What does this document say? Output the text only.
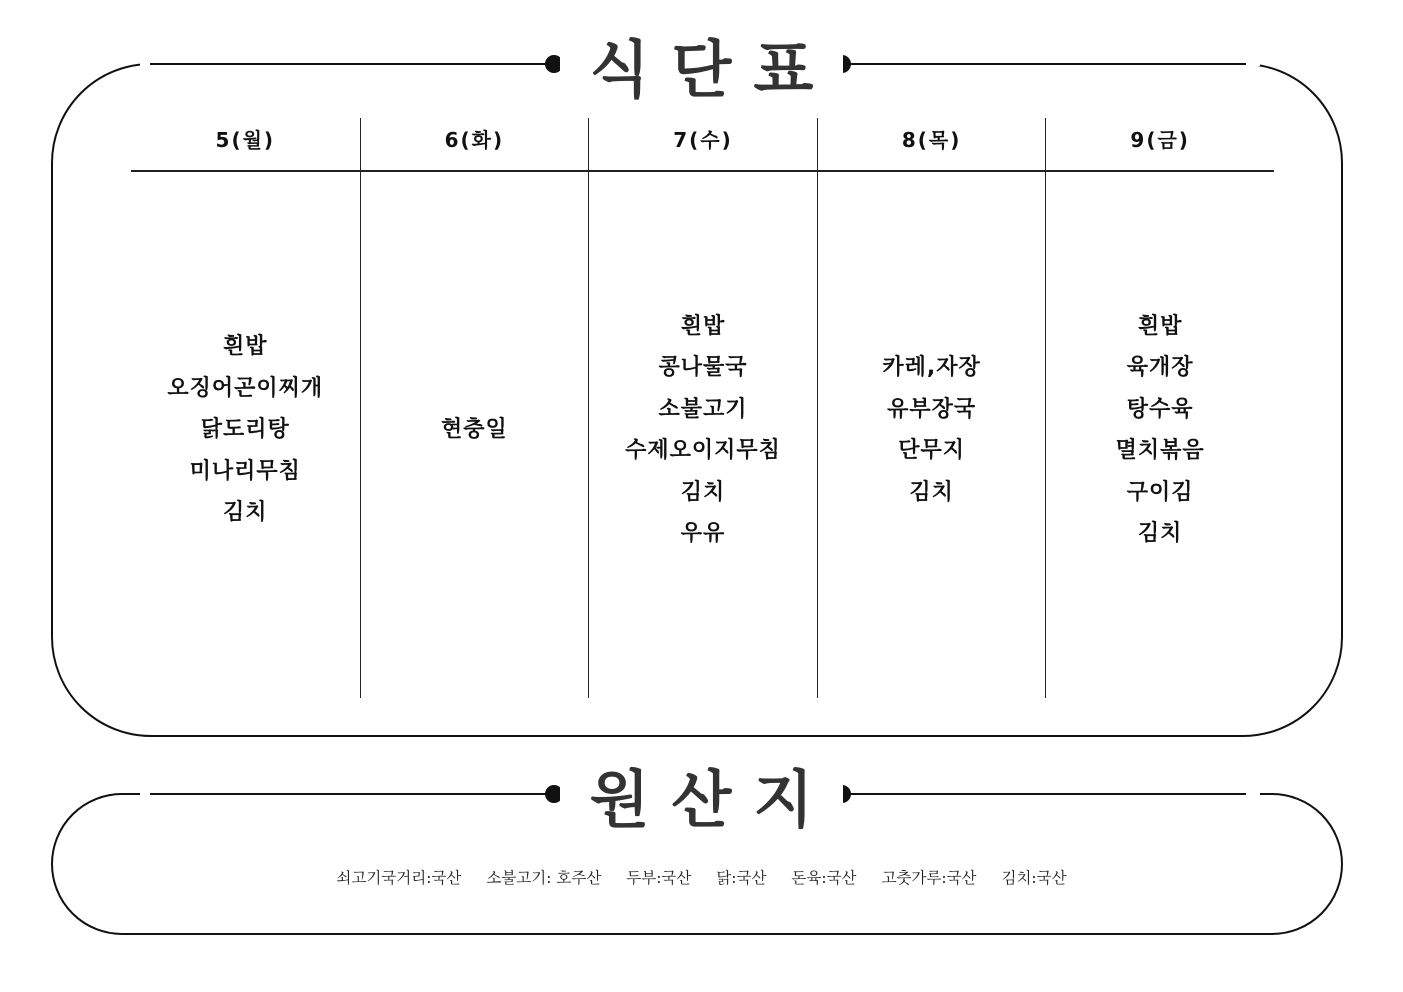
식단표
5(월)
흰밥
오징어곤이찌개
닭도리탕
미나리무침
김치
6(화)
현충일
7(수)
흰밥
콩나물국
소불고기
수제오이지무침
김치
우유
8(목)
카레,자장
유부장국
단무지
김치
9(금)
흰밥
육개장
탕수육
멸치볶음
구이김
김치
원산지
쇠고기국거리:국산 소불고기: 호주산 두부:국산 닭:국산 돈육:국산 고춧가루:국산 김치:국산
